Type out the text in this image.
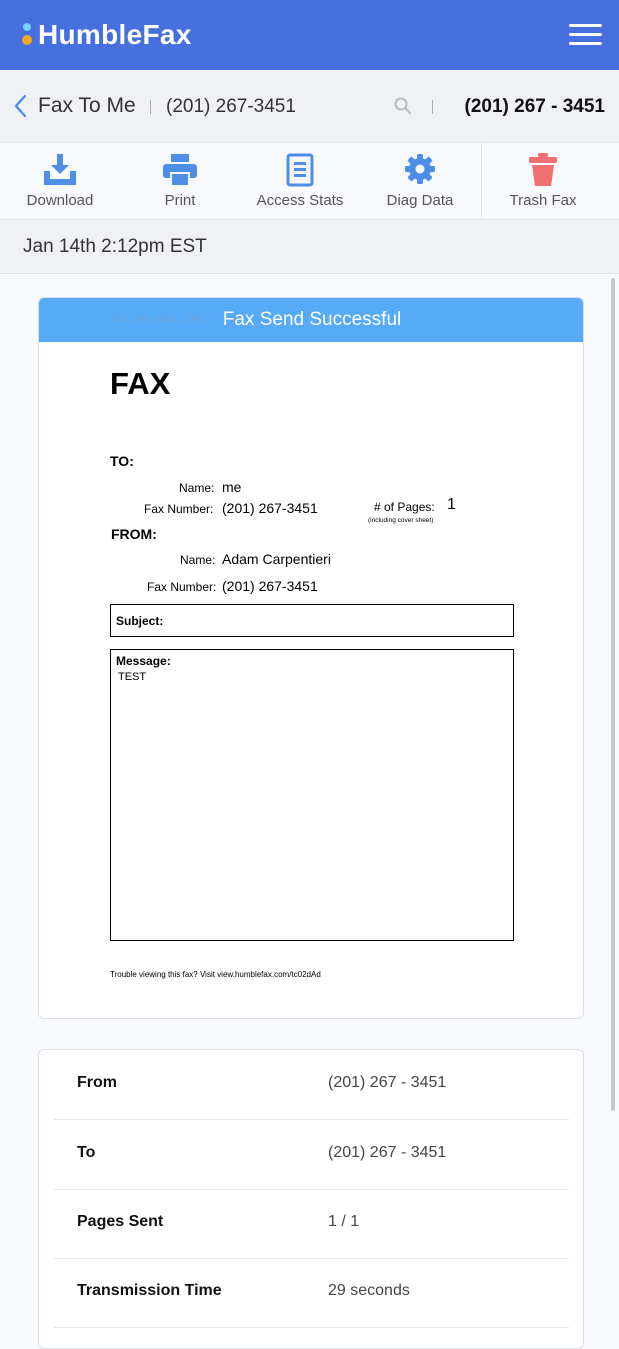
HumbleFax
Fax To Me (201) 267-3451	(201) 267 - 3451
Download	Print	Access Stats	Diag Data	Trash Fax
Jan 14th 2:12pm EST
Sat Jan 14th, 202 Fax Send Successful
FAX
TO:
Name: me
Fax Number: (201) 267-3451	# of Pages: 1
(including cover sheet)
FROM:
Name: Adam Carpentieri
Fax Number: (201) 267-3451
Subject:
Message:
TEST
Trouble viewing this fax? Visit view.humblefax.com/tc02dAd
From	(201) 267 - 3451
To	(201) 267 - 3451
Pages Sent	1 / 1
Transmission Time	29 seconds
